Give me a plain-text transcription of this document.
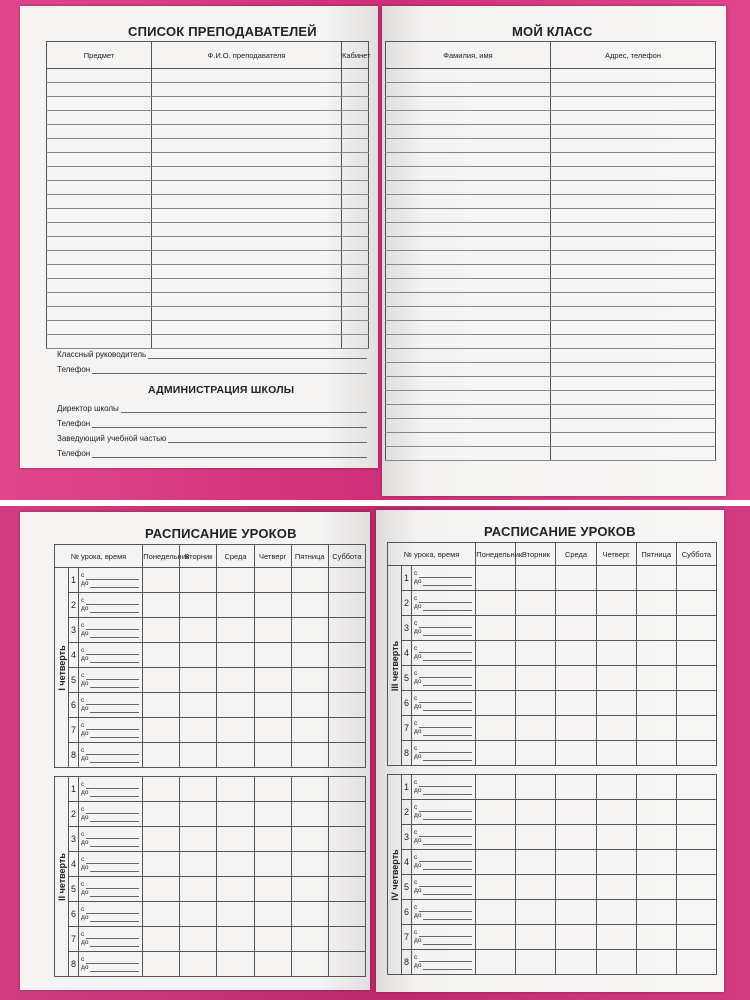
СПИСОК ПРЕПОДАВАТЕЛЕЙ
Предмет	Ф.И.О. преподавателя	Кабинет

Классный руководитель
Телефон
АДМИНИСТРАЦИЯ ШКОЛЫ
Директор школы
Телефон
Заведующий учебной частью
Телефон
МОЙ КЛАСС
Фамилия, имя	Адрес, телефон

РАСПИСАНИЕ УРОКОВ
№ урока, время			Понедельник	Вторник	Среда	Четверг	Пятница	Суббота

I четверть	1	с
до						

	2	с
до						

	3	с
до						

	4	с
до						

	5	с
до						

	6	с
до						

	7	с
до						

	8	с
до						

II четверть	1	с
до						

	2	с
до						

	3	с
до						

	4	с
до						

	5	с
до						

	6	с
до						

	7	с
до						

	8	с
до						

РАСПИСАНИЕ УРОКОВ
№ урока, время			Понедельник	Вторник	Среда	Четверг	Пятница	Суббота

III четверть	1	с
до						

	2	с
до						

	3	с
до						

	4	с
до						

	5	с
до						

	6	с
до						

	7	с
до						

	8	с
до						

IV четверть	1	с
до						

	2	с
до						

	3	с
до						

	4	с
до						

	5	с
до						

	6	с
до						

	7	с
до						

	8	с
до						
